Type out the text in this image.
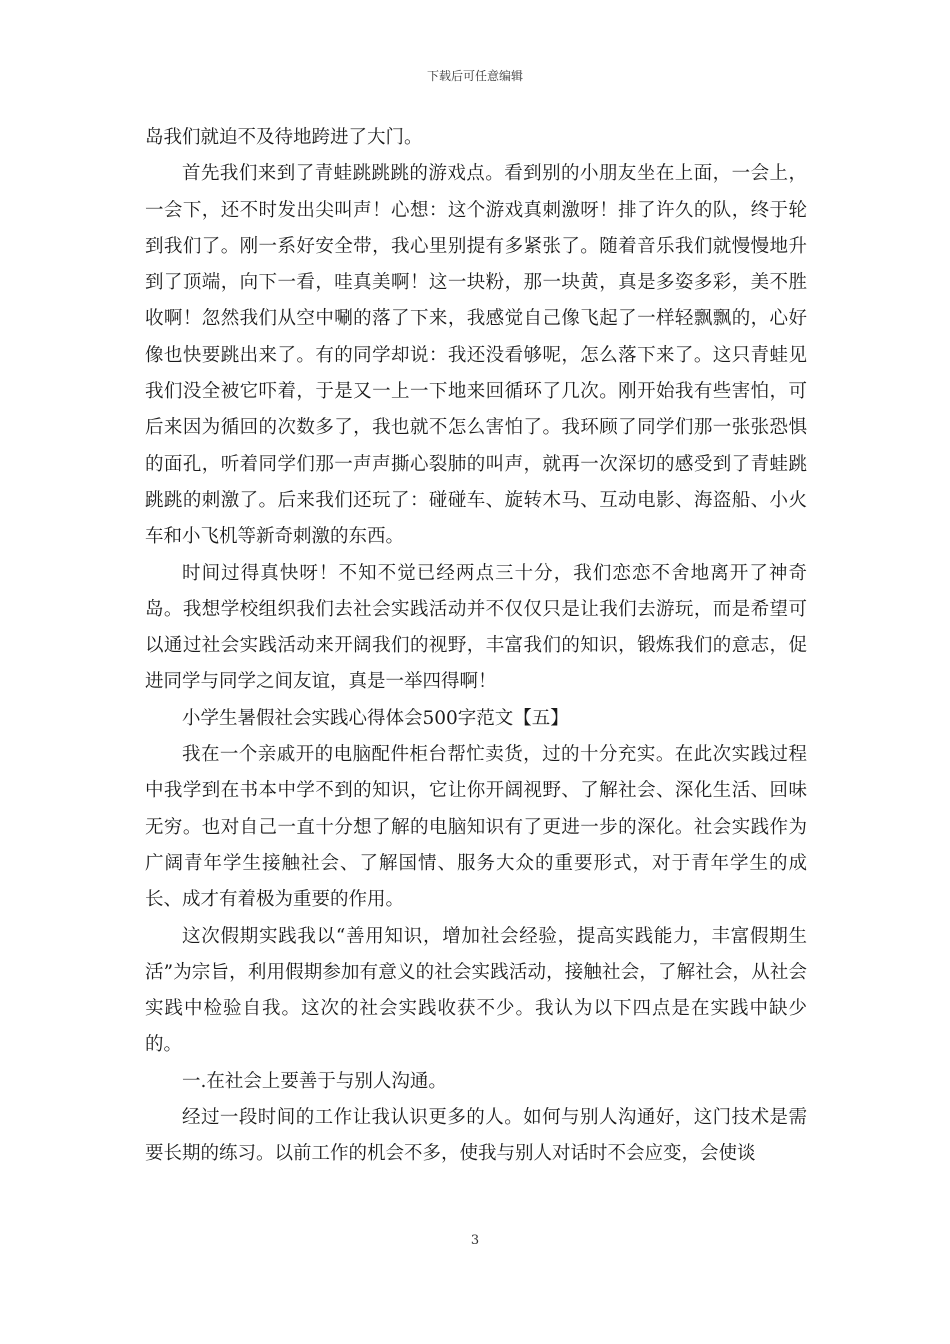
下载后可任意编辑

岛我们就迫不及待地跨进了大门。

首先我们来到了青蛙跳跳跳的游戏点。看到别的小朋友坐在上面，一会上，一会下，还不时发出尖叫声！心想：这个游戏真刺激呀！排了许久的队，终于轮到我们了。刚一系好安全带，我心里别提有多紧张了。随着音乐我们就慢慢地升到了顶端，向下一看，哇真美啊！这一块粉，那一块黄，真是多姿多彩，美不胜收啊！忽然我们从空中唰的落了下来，我感觉自己像飞起了一样轻飘飘的，心好像也快要跳出来了。有的同学却说：我还没看够呢，怎么落下来了。这只青蛙见我们没全被它吓着，于是又一上一下地来回循环了几次。刚开始我有些害怕，可后来因为循回的次数多了，我也就不怎么害怕了。我环顾了同学们那一张张恐惧的面孔，听着同学们那一声声撕心裂肺的叫声，就再一次深切的感受到了青蛙跳跳跳的刺激了。后来我们还玩了：碰碰车、旋转木马、互动电影、海盗船、小火车和小飞机等新奇刺激的东西。

时间过得真快呀！不知不觉已经两点三十分，我们恋恋不舍地离开了神奇岛。我想学校组织我们去社会实践活动并不仅仅只是让我们去游玩，而是希望可以通过社会实践活动来开阔我们的视野，丰富我们的知识，锻炼我们的意志，促进同学与同学之间友谊，真是一举四得啊！

小学生暑假社会实践心得体会500字范文【五】

我在一个亲戚开的电脑配件柜台帮忙卖货，过的十分充实。在此次实践过程中我学到在书本中学不到的知识，它让你开阔视野、了解社会、深化生活、回味无穷。也对自己一直十分想了解的电脑知识有了更进一步的深化。社会实践作为广阔青年学生接触社会、了解国情、服务大众的重要形式，对于青年学生的成长、成才有着极为重要的作用。

这次假期实践我以“善用知识，增加社会经验，提高实践能力，丰富假期生活”为宗旨，利用假期参加有意义的社会实践活动，接触社会，了解社会，从社会实践中检验自我。这次的社会实践收获不少。我认为以下四点是在实践中缺少的。

一.在社会上要善于与别人沟通。

经过一段时间的工作让我认识更多的人。如何与别人沟通好，这门技术是需要长期的练习。以前工作的机会不多，使我与别人对话时不会应变，会使谈

3
